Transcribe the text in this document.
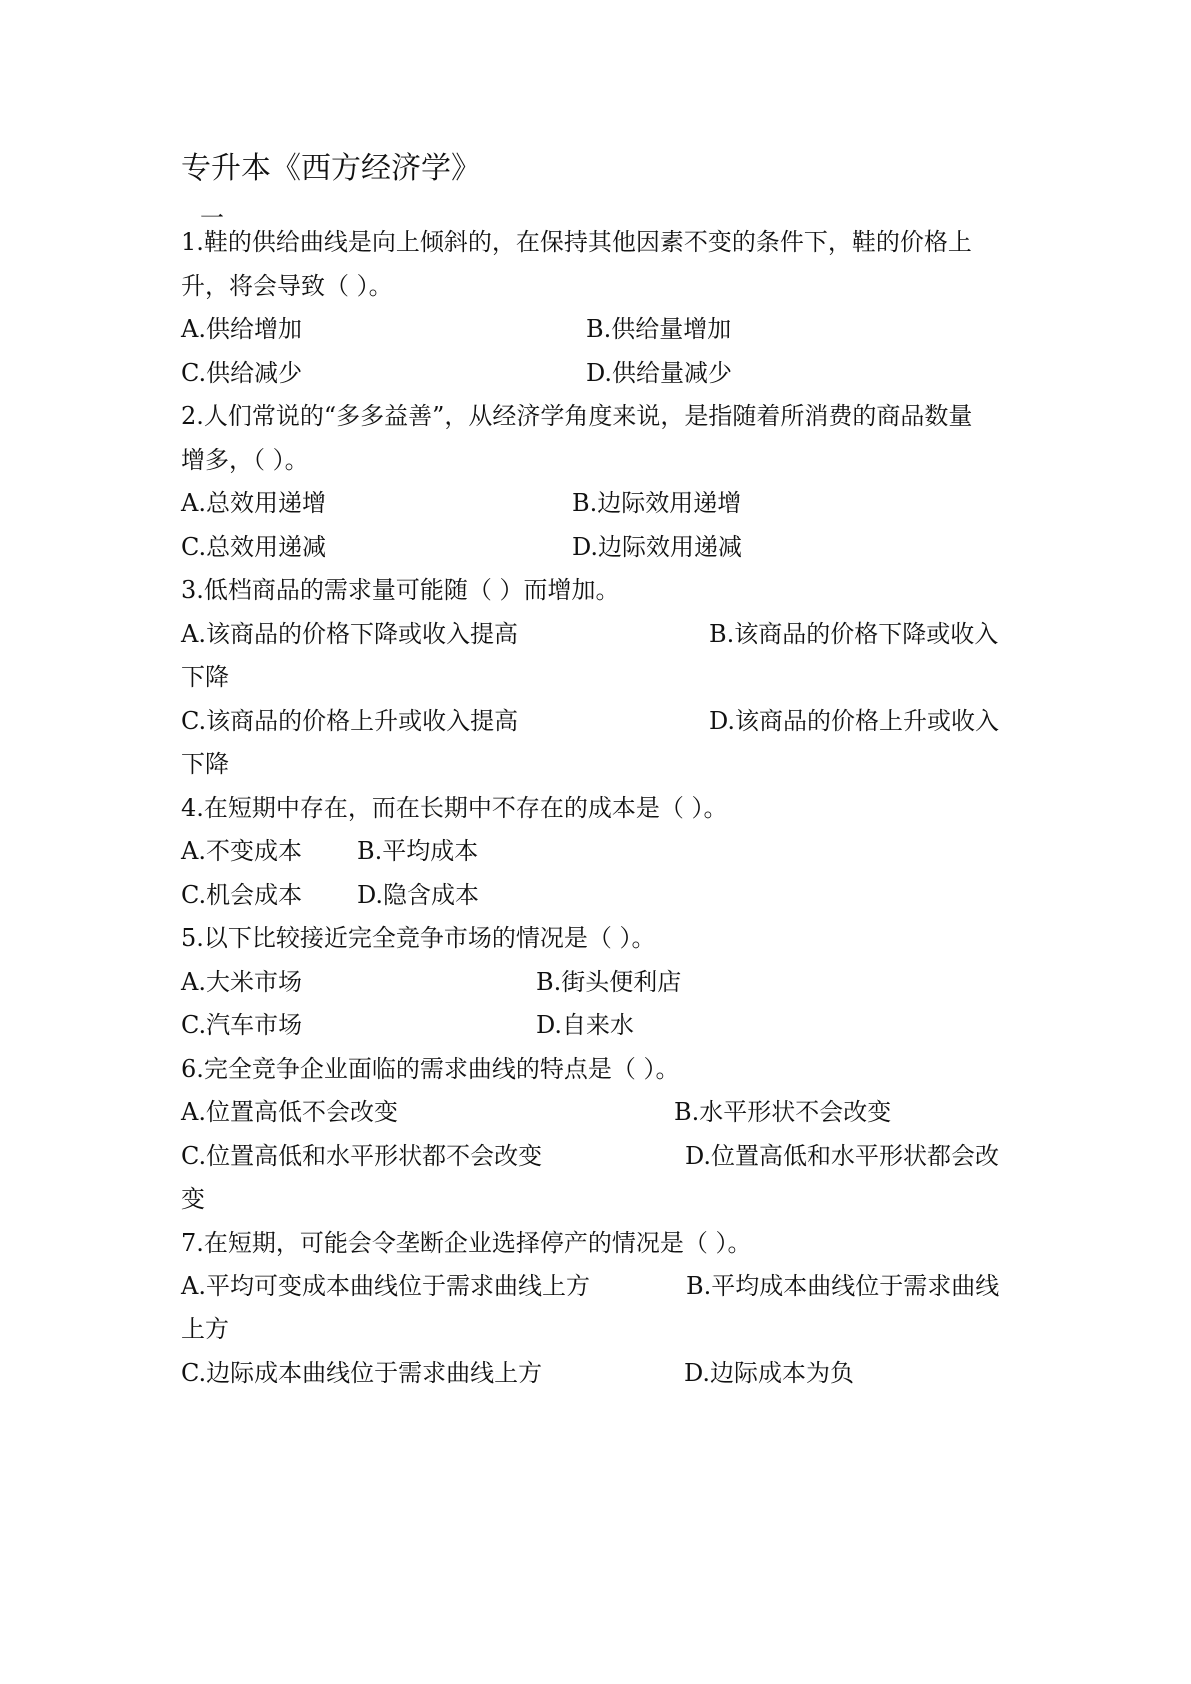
专升本《西方经济学》
一
1.鞋的供给曲线是向上倾斜的，在保持其他因素不变的条件下，鞋的价格上
升，将会导致（ ）。
A.供给增加	B.供给量增加
C.供给减少	D.供给量减少
2.人们常说的“多多益善”，从经济学角度来说，是指随着所消费的商品数量
增多，（ ）。
A.总效用递增	B.边际效用递增
C.总效用递减	D.边际效用递减
3.低档商品的需求量可能随（ ）而增加。
A.该商品的价格下降或收入提高	B.该商品的价格下降或收入
下降
C.该商品的价格上升或收入提高	D.该商品的价格上升或收入
下降
4.在短期中存在，而在长期中不存在的成本是（ ）。
A.不变成本 B.平均成本
C.机会成本 D.隐含成本
5.以下比较接近完全竞争市场的情况是（ ）。
A.大米市场	B.街头便利店
C.汽车市场	D.自来水
6.完全竞争企业面临的需求曲线的特点是（ ）。
A.位置高低不会改变	B.水平形状不会改变
C.位置高低和水平形状都不会改变	D.位置高低和水平形状都会改
变
7.在短期，可能会令垄断企业选择停产的情况是（ ）。
A.平均可变成本曲线位于需求曲线上方	B.平均成本曲线位于需求曲线
上方
C.边际成本曲线位于需求曲线上方	D.边际成本为负
